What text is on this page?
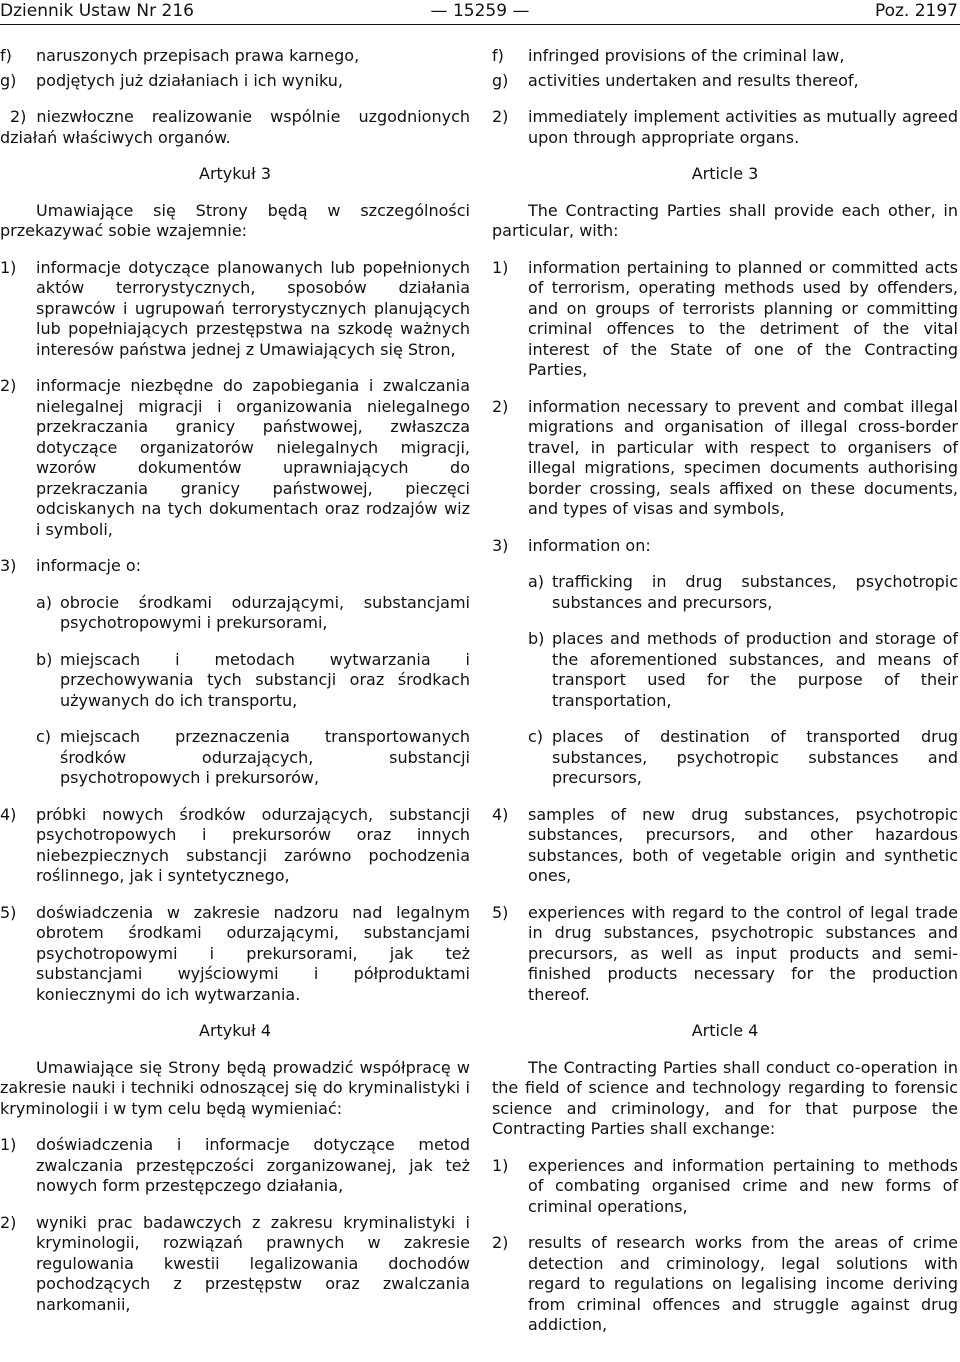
Dziennik Ustaw Nr 216	— 15259 —	Poz. 2197

f) naruszonych przepisach prawa karnego,

g) podjętych już działaniach i ich wyniku,

2) niezwłoczne realizowanie wspólnie uzgodnionych działań właściwych organów.

Artykuł 3

Umawiające się Strony będą w szczególności przekazywać sobie wzajemnie:

1) informacje dotyczące planowanych lub popełnionych aktów terrorystycznych, sposobów działania sprawców i ugrupowań terrorystycznych planujących lub popełniających przestępstwa na szkodę ważnych interesów państwa jednej z Umawiających się Stron,

2) informacje niezbędne do zapobiegania i zwalczania nielegalnej migracji i organizowania nielegalnego przekraczania granicy państwowej, zwłaszcza dotyczące organizatorów nielegalnych migracji, wzorów dokumentów uprawniających do przekraczania granicy państwowej, pieczęci odciskanych na tych dokumentach oraz rodzajów wiz i symboli,

3) informacje o:

a) obrocie środkami odurzającymi, substancjami psychotropowymi i prekursorami,

b) miejscach i metodach wytwarzania i przechowywania tych substancji oraz środkach używanych do ich transportu,

c) miejscach przeznaczenia transportowanych środków odurzających, substancji psychotropowych i prekursorów,

4) próbki nowych środków odurzających, substancji psychotropowych i prekursorów oraz innych niebezpiecznych substancji zarówno pochodzenia roślinnego, jak i syntetycznego,

5) doświadczenia w zakresie nadzoru nad legalnym obrotem środkami odurzającymi, substancjami psychotropowymi i prekursorami, jak też substancjami wyjściowymi i półproduktami koniecznymi do ich wytwarzania.

Artykuł 4

Umawiające się Strony będą prowadzić współpracę w zakresie nauki i techniki odnoszącej się do kryminalistyki i kryminologii i w tym celu będą wymieniać:

1) doświadczenia i informacje dotyczące metod zwalczania przestępczości zorganizowanej, jak też nowych form przestępczego działania,

2) wyniki prac badawczych z zakresu kryminalistyki i kryminologii, rozwiązań prawnych w zakresie regulowania kwestii legalizowania dochodów pochodzących z przestępstw oraz zwalczania narkomanii,

f) infringed provisions of the criminal law,

g) activities undertaken and results thereof,

2) immediately implement activities as mutually agreed upon through appropriate organs.

Article 3

The Contracting Parties shall provide each other, in particular, with:

1) information pertaining to planned or committed acts of terrorism, operating methods used by offenders, and on groups of terrorists planning or committing criminal offences to the detriment of the vital interest of the State of one of the Contracting Parties,

2) information necessary to prevent and combat illegal migrations and organisation of illegal cross-border travel, in particular with respect to organisers of illegal migrations, specimen documents authorising border crossing, seals affixed on these documents, and types of visas and symbols,

3) information on:

a) trafficking in drug substances, psychotropic substances and precursors,

b) places and methods of production and storage of the aforementioned substances, and means of transport used for the purpose of their transportation,

c) places of destination of transported drug substances, psychotropic substances and precursors,

4) samples of new drug substances, psychotropic substances, precursors, and other hazardous substances, both of vegetable origin and synthetic ones,

5) experiences with regard to the control of legal trade in drug substances, psychotropic substances and precursors, as well as input products and semi-finished products necessary for the production thereof.

Article 4

The Contracting Parties shall conduct co-operation in the field of science and technology regarding to forensic science and criminology, and for that purpose the Contracting Parties shall exchange:

1) experiences and information pertaining to methods of combating organised crime and new forms of criminal operations,

2) results of research works from the areas of crime detection and criminology, legal solutions with regard to regulations on legalising income deriving from criminal offences and struggle against drug addiction,
